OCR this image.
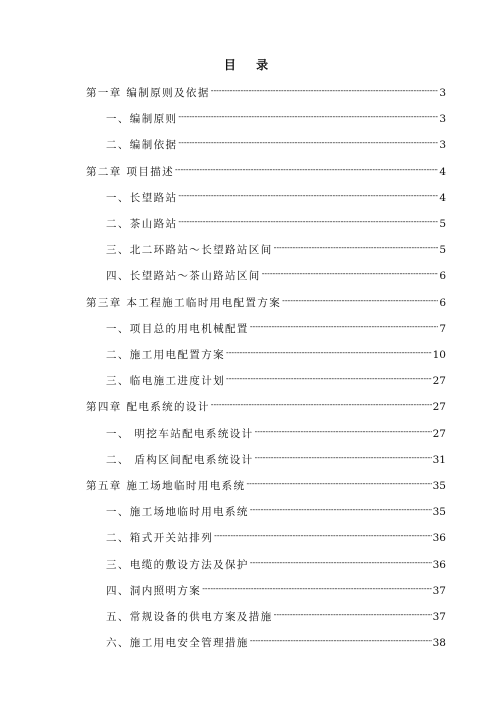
目 录
第一章 编制原则及依据 -----	3
一、编制原则 -----	3
二、编制依据 -----	3
第二章 项目描述 -----	4
一、长望路站 -----	4
二、茶山路站 -----	5
三、北二环路站～长望路站区间 -----	5
四、长望路站～茶山路站区间 -----	6
第三章 本工程施工临时用电配置方案 -----	6
一、项目总的用电机械配置 -----	7
二、施工用电配置方案 -----	10
三、临电施工进度计划 -----	27
第四章 配电系统的设计 -----	27
一、 明挖车站配电系统设计 -----	27
二、 盾构区间配电系统设计 -----	31
第五章 施工场地临时用电系统 -----	35
一、施工场地临时用电系统 -----	35
二、箱式开关站排列 -----	36
三、电缆的敷设方法及保护 -----	36
四、洞内照明方案 -----	37
五、常规设备的供电方案及措施 -----	37
六、施工用电安全管理措施 -----	38
